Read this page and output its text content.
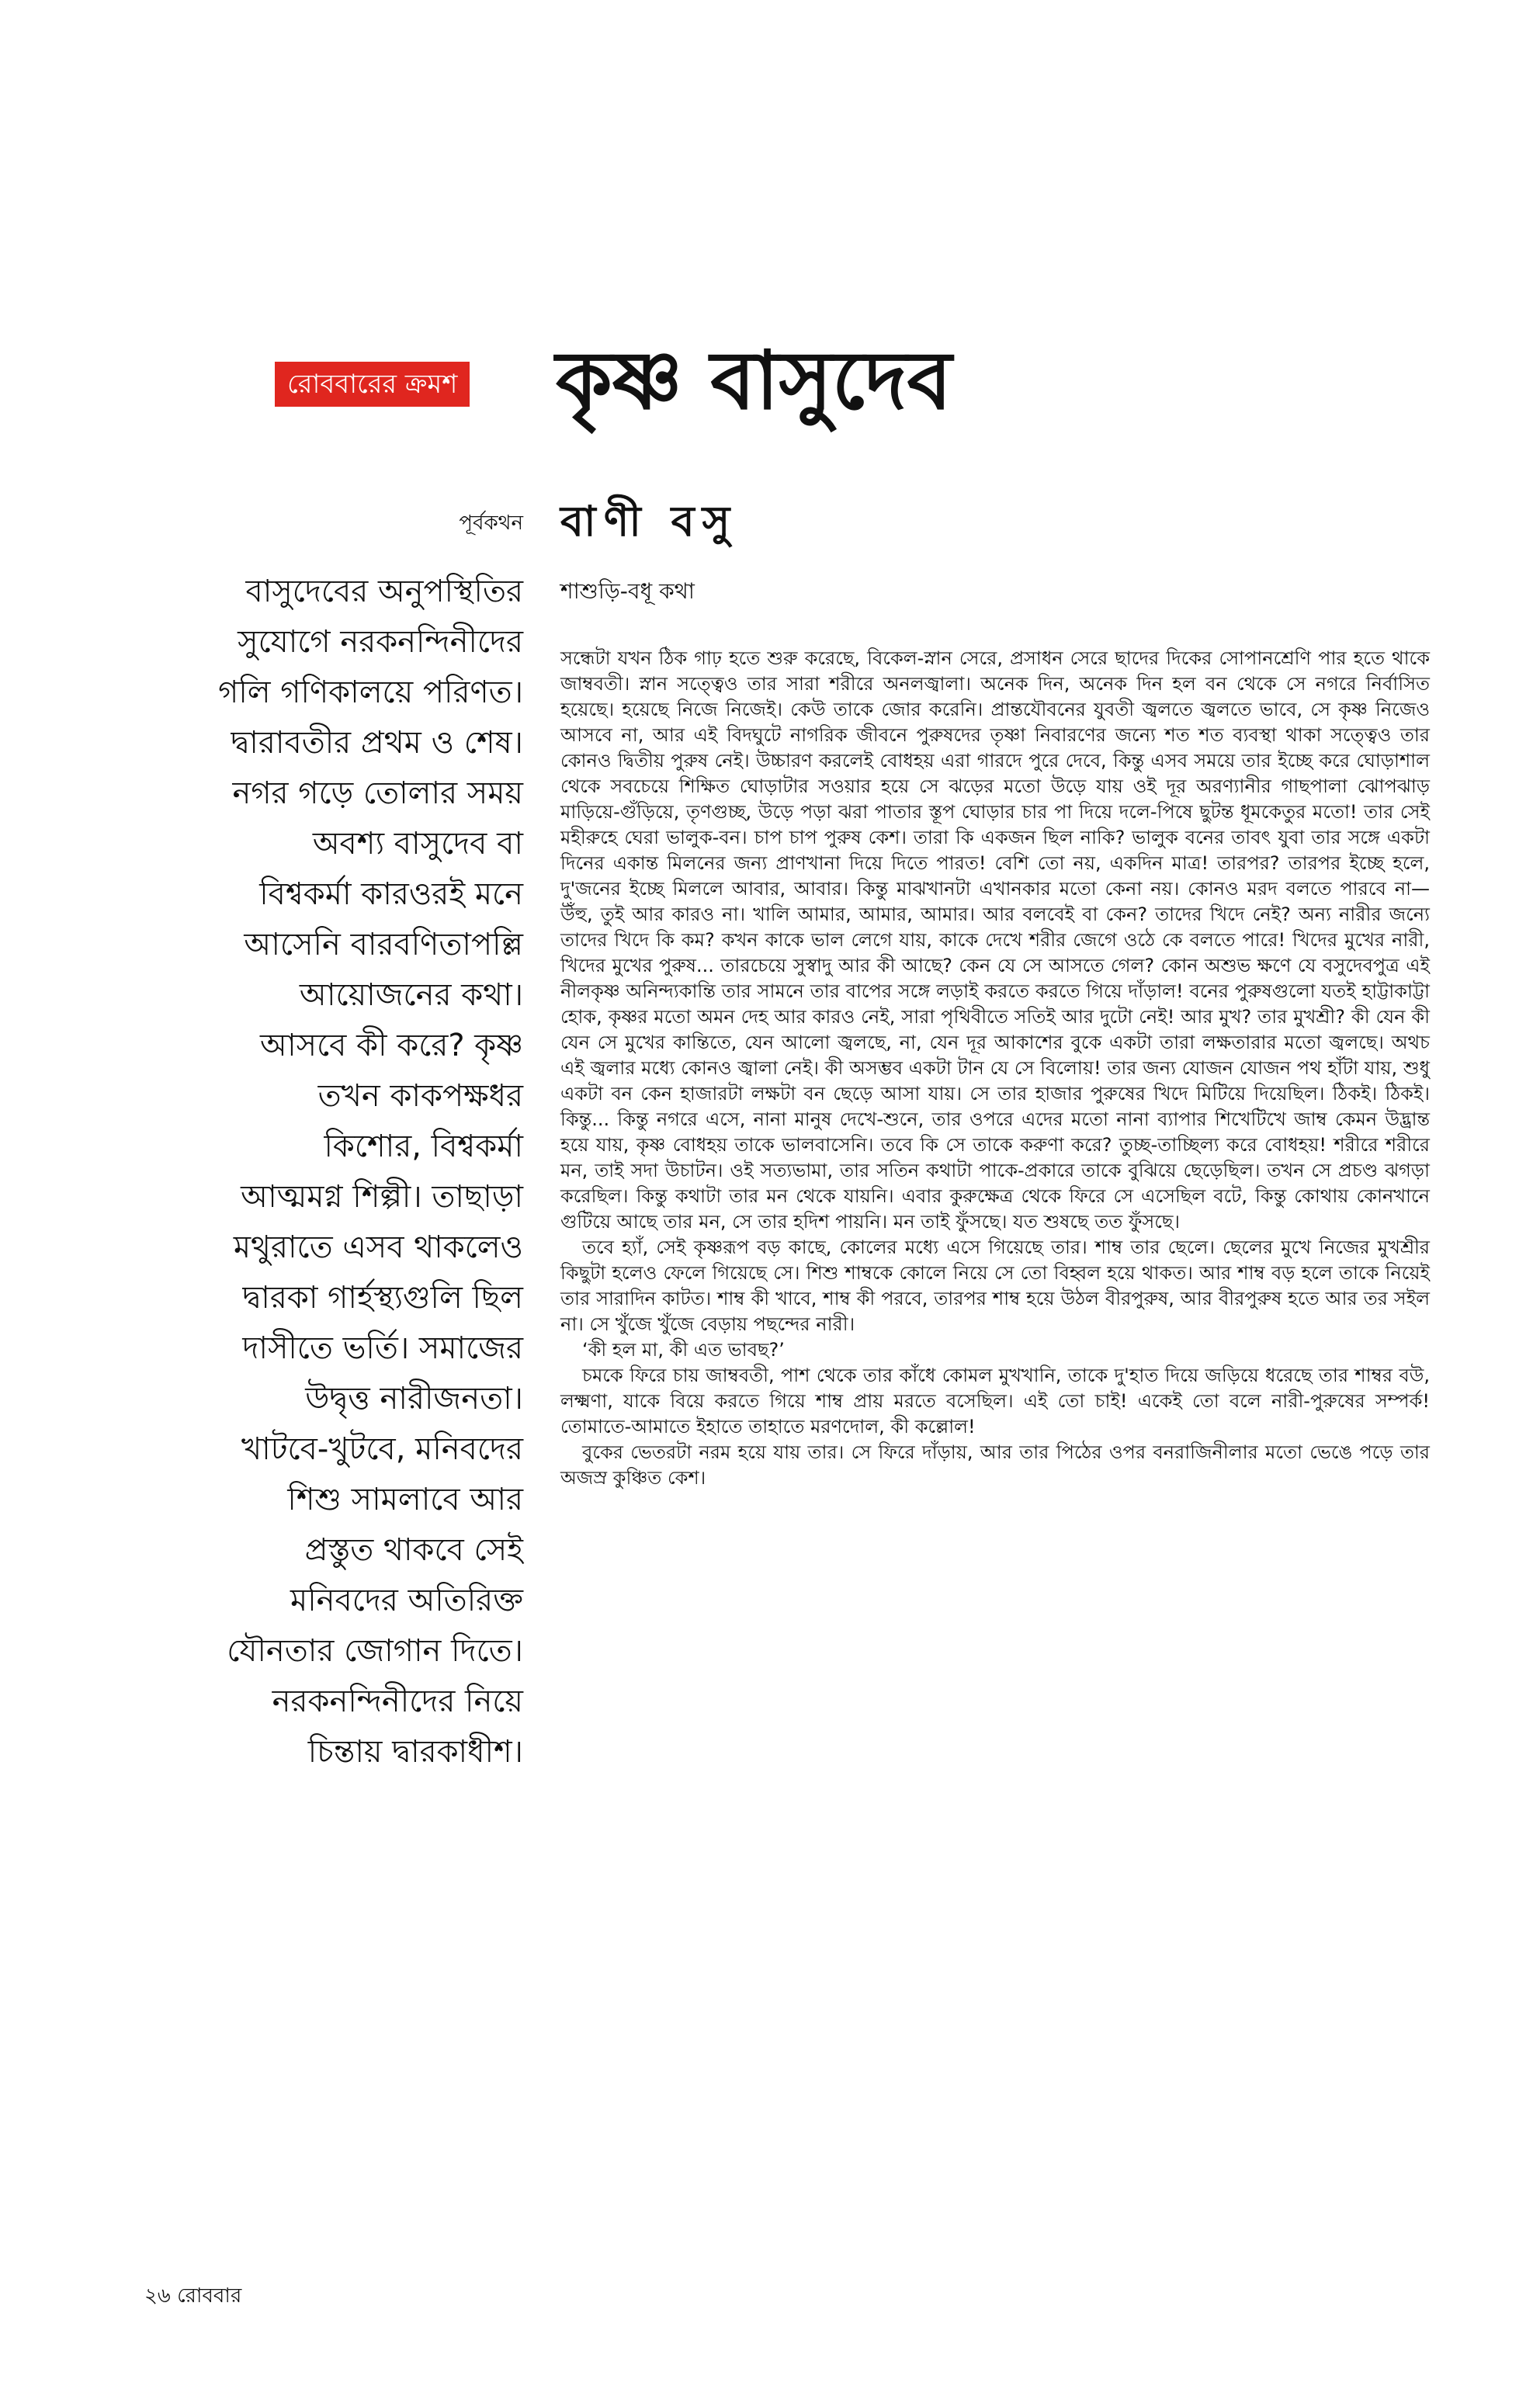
রোববারের ক্রমশ কৃষ্ণ বাসুদেব
পূর্বকথন বাণী বসু
বাসুদেবের অনুপস্থিতির
সুযোগে নরকনন্দিনীদের
গলি গণিকালয়ে পরিণত।
দ্বারাবতীর প্রথম ও শেষ।
নগর গড়ে তোলার সময়
অবশ্য বাসুদেব বা
বিশ্বকর্মা কারওরই মনে
আসেনি বারবণিতাপল্লি
আয়োজনের কথা।
আসবে কী করে? কৃষ্ণ
তখন কাকপক্ষধর
কিশোর, বিশ্বকর্মা
আত্মমগ্ন শিল্পী। তাছাড়া
মথুরাতে এসব থাকলেও
দ্বারকা গার্হস্থ্যগুলি ছিল
দাসীতে ভর্তি। সমাজের
উদ্বৃত্ত নারীজনতা।
খাটবে-খুটবে, মনিবদের
শিশু সামলাবে আর
প্রস্তুত থাকবে সেই
মনিবদের অতিরিক্ত
যৌনতার জোগান দিতে।
নরকনন্দিনীদের নিয়ে
চিন্তায় দ্বারকাধীশ।
শাশুড়ি-বধূ কথা

সন্ধেটা যখন ঠিক গাঢ় হতে শুরু করেছে, বিকেল-স্নান সেরে, প্রসাধন সেরে ছাদের দিকের সোপানশ্রেণি পার হতে থাকে জাম্ববতী। স্নান সত্ত্বেও তার সারা শরীরে অনলজ্বালা। অনেক দিন, অনেক দিন হল বন থেকে সে নগরে নির্বাসিত হয়েছে। হয়েছে নিজে নিজেই। কেউ তাকে জোর করেনি। প্রান্তযৌবনের যুবতী জ্বলতে জ্বলতে ভাবে, সে কৃষ্ণ নিজেও আসবে না, আর এই বিদঘুটে নাগরিক জীবনে পুরুষদের তৃষ্ণা নিবারণের জন্যে শত শত ব্যবস্থা থাকা সত্ত্বেও তার কোনও দ্বিতীয় পুরুষ নেই। উচ্চারণ করলেই বোধহয় এরা গারদে পুরে দেবে, কিন্তু এসব সময়ে তার ইচ্ছে করে ঘোড়াশাল থেকে সবচেয়ে শিক্ষিত ঘোড়াটার সওয়ার হয়ে সে ঝড়ের মতো উড়ে যায় ওই দূর অরণ্যানীর গাছপালা ঝোপঝাড় মাড়িয়ে-গুঁড়িয়ে, তৃণগুচ্ছ, উড়ে পড়া ঝরা পাতার স্তূপ ঘোড়ার চার পা দিয়ে দলে-পিষে ছুটন্ত ধূমকেতুর মতো! তার সেই মহীরুহে ঘেরা ভালুক-বন। চাপ চাপ পুরুষ কেশ। তারা কি একজন ছিল নাকি? ভালুক বনের তাবৎ যুবা তার সঙ্গে একটা দিনের একান্ত মিলনের জন্য প্রাণখানা দিয়ে দিতে পারত! বেশি তো নয়, একদিন মাত্র! তারপর? তারপর ইচ্ছে হলে, দু'জনের ইচ্ছে মিললে আবার, আবার। কিন্তু মাঝখানটা এখানকার মতো কেনা নয়। কোনও মরদ বলতে পারবে না— উঁহু, তুই আর কারও না। খালি আমার, আমার, আমার। আর বলবেই বা কেন? তাদের খিদে নেই? অন্য নারীর জন্যে তাদের খিদে কি কম? কখন কাকে ভাল লেগে যায়, কাকে দেখে শরীর জেগে ওঠে কে বলতে পারে! খিদের মুখের নারী, খিদের মুখের পুরুষ... তারচেয়ে সুস্বাদু আর কী আছে? কেন যে সে আসতে গেল? কোন অশুভ ক্ষণে যে বসুদেবপুত্র এই নীলকৃষ্ণ অনিন্দ্যকান্তি তার সামনে তার বাপের সঙ্গে লড়াই করতে করতে গিয়ে দাঁড়াল! বনের পুরুষগুলো যতই হাট্টাকাট্টা হোক, কৃষ্ণর মতো অমন দেহ আর কারও নেই, সারা পৃথিবীতে সতিই আর দুটো নেই! আর মুখ? তার মুখশ্রী? কী যেন কী যেন সে মুখের কান্তিতে, যেন আলো জ্বলছে, না, যেন দূর আকাশের বুকে একটা তারা লক্ষতারার মতো জ্বলছে। অথচ এই জ্বলার মধ্যে কোনও জ্বালা নেই। কী অসম্ভব একটা টান যে সে বিলোয়! তার জন্য যোজন যোজন পথ হাঁটা যায়, শুধু একটা বন কেন হাজারটা লক্ষটা বন ছেড়ে আসা যায়। সে তার হাজার পুরুষের খিদে মিটিয়ে দিয়েছিল। ঠিকই। ঠিকই। কিন্তু... কিন্তু নগরে এসে, নানা মানুষ দেখে-শুনে, তার ওপরে এদের মতো নানা ব্যাপার শিখেটিখে জাম্ব কেমন উদ্ভ্রান্ত হয়ে যায়, কৃষ্ণ বোধহয় তাকে ভালবাসেনি। তবে কি সে তাকে করুণা করে? তুচ্ছ-তাচ্ছিল্য করে বোধহয়! শরীরে শরীরে মন, তাই সদা উচাটন। ওই সত্যভামা, তার সতিন কথাটা পাকে-প্রকারে তাকে বুঝিয়ে ছেড়েছিল। তখন সে প্রচণ্ড ঝগড়া করেছিল। কিন্তু কথাটা তার মন থেকে যায়নি। এবার কুরুক্ষেত্র থেকে ফিরে সে এসেছিল বটে, কিন্তু কোথায় কোনখানে গুটিয়ে আছে তার মন, সে তার হদিশ পায়নি। মন তাই ফুঁসছে। যত শুষছে তত ফুঁসছে।

তবে হ্যাঁ, সেই কৃষ্ণরূপ বড় কাছে, কোলের মধ্যে এসে গিয়েছে তার। শাম্ব তার ছেলে। ছেলের মুখে নিজের মুখশ্রীর কিছুটা হলেও ফেলে গিয়েছে সে। শিশু শাম্বকে কোলে নিয়ে সে তো বিহ্বল হয়ে থাকত। আর শাম্ব বড় হলে তাকে নিয়েই তার সারাদিন কাটত। শাম্ব কী খাবে, শাম্ব কী পরবে, তারপর শাম্ব হয়ে উঠল বীরপুরুষ, আর বীরপুরুষ হতে আর তর সইল না। সে খুঁজে খুঁজে বেড়ায় পছন্দের নারী।

‘কী হল মা, কী এত ভাবছ?’

চমকে ফিরে চায় জাম্ববতী, পাশ থেকে তার কাঁধে কোমল মুখখানি, তাকে দু'হাত দিয়ে জড়িয়ে ধরেছে তার শাম্বর বউ, লক্ষ্মণা, যাকে বিয়ে করতে গিয়ে শাম্ব প্রায় মরতে বসেছিল। এই তো চাই! একেই তো বলে নারী-পুরুষের সম্পর্ক! তোমাতে-আমাতে ইহাতে তাহাতে মরণদোল, কী কল্লোল!

বুকের ভেতরটা নরম হয়ে যায় তার। সে ফিরে দাঁড়ায়, আর তার পিঠের ওপর বনরাজিনীলার মতো ভেঙে পড়ে তার অজস্র কুঞ্চিত কেশ।

২৬ রোববার
